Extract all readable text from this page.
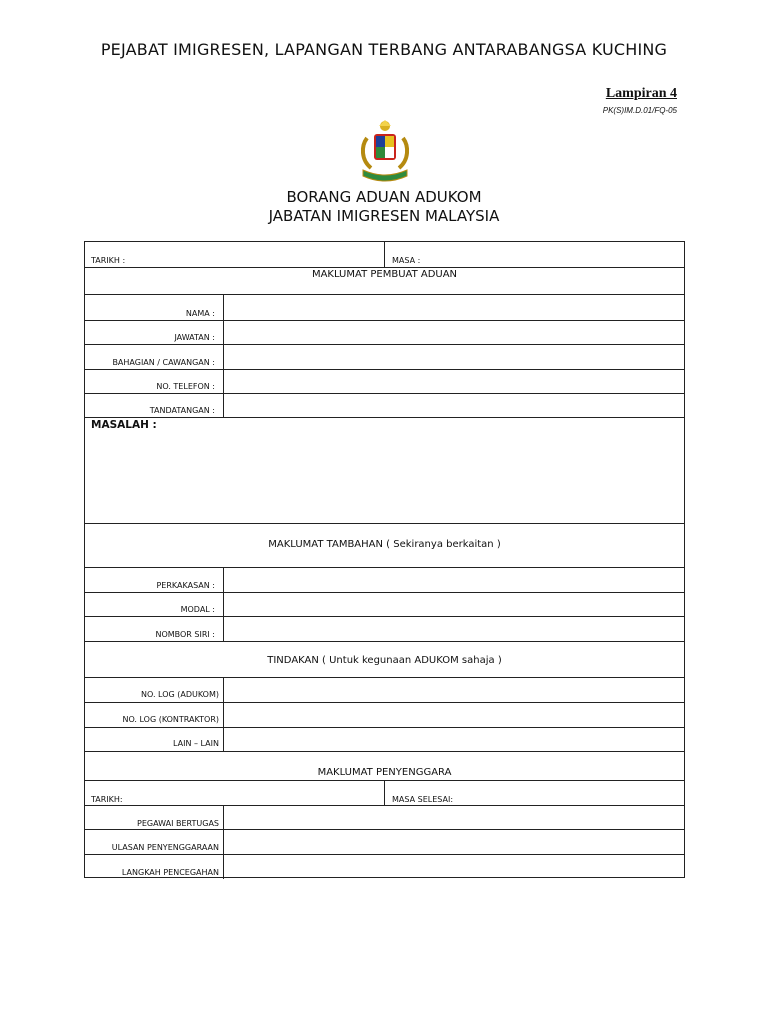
PEJABAT IMIGRESEN, LAPANGAN TERBANG ANTARABANGSA KUCHING
Lampiran 4
PK(S)IM.D.01/FQ-05
BORANG ADUAN ADUKOM
JABATAN IMIGRESEN MALAYSIA
TARIKH :	MASA :
MAKLUMAT PEMBUAT ADUAN
NAMA :
JAWATAN :
BAHAGIAN / CAWANGAN :
NO. TELEFON :
TANDATANGAN :
MASALAH :
MAKLUMAT TAMBAHAN ( Sekiranya berkaitan )
PERKAKASAN :
MODAL :
NOMBOR SIRI :
TINDAKAN ( Untuk kegunaan ADUKOM sahaja )
NO. LOG (ADUKOM)
NO. LOG (KONTRAKTOR)
LAIN – LAIN
MAKLUMAT PENYENGGARA
TARIKH:	MASA SELESAI:
PEGAWAI BERTUGAS
ULASAN PENYENGGARAAN
LANGKAH PENCEGAHAN
